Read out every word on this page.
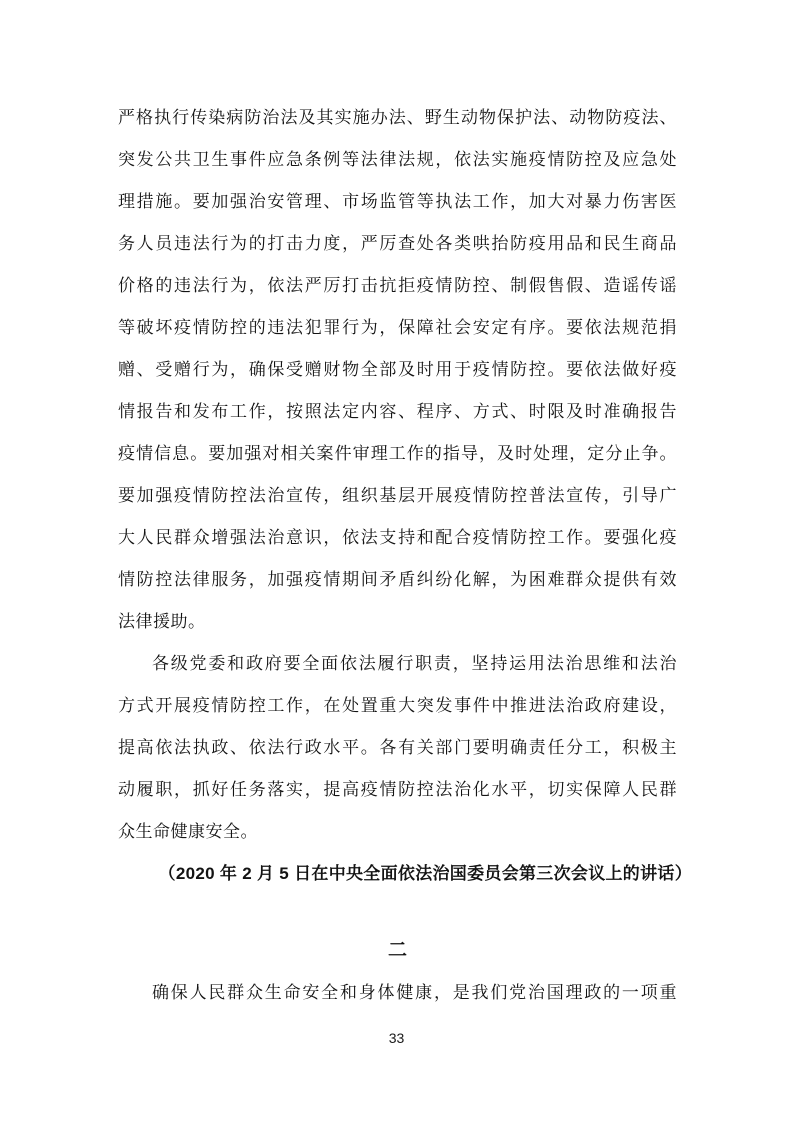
严格执行传染病防治法及其实施办法、野生动物保护法、动物防疫法、
突发公共卫生事件应急条例等法律法规，依法实施疫情防控及应急处
理措施。要加强治安管理、市场监管等执法工作，加大对暴力伤害医
务人员违法行为的打击力度，严厉查处各类哄抬防疫用品和民生商品
价格的违法行为，依法严厉打击抗拒疫情防控、制假售假、造谣传谣
等破坏疫情防控的违法犯罪行为，保障社会安定有序。要依法规范捐
赠、受赠行为，确保受赠财物全部及时用于疫情防控。要依法做好疫
情报告和发布工作，按照法定内容、程序、方式、时限及时准确报告
疫情信息。要加强对相关案件审理工作的指导，及时处理，定分止争。
要加强疫情防控法治宣传，组织基层开展疫情防控普法宣传，引导广
大人民群众增强法治意识，依法支持和配合疫情防控工作。要强化疫
情防控法律服务，加强疫情期间矛盾纠纷化解，为困难群众提供有效
法律援助。
各级党委和政府要全面依法履行职责，坚持运用法治思维和法治
方式开展疫情防控工作，在处置重大突发事件中推进法治政府建设，
提高依法执政、依法行政水平。各有关部门要明确责任分工，积极主
动履职，抓好任务落实，提高疫情防控法治化水平，切实保障人民群
众生命健康安全。
（2020 年 2 月 5 日在中央全面依法治国委员会第三次会议上的讲话）
二
确保人民群众生命安全和身体健康，是我们党治国理政的一项重
33
